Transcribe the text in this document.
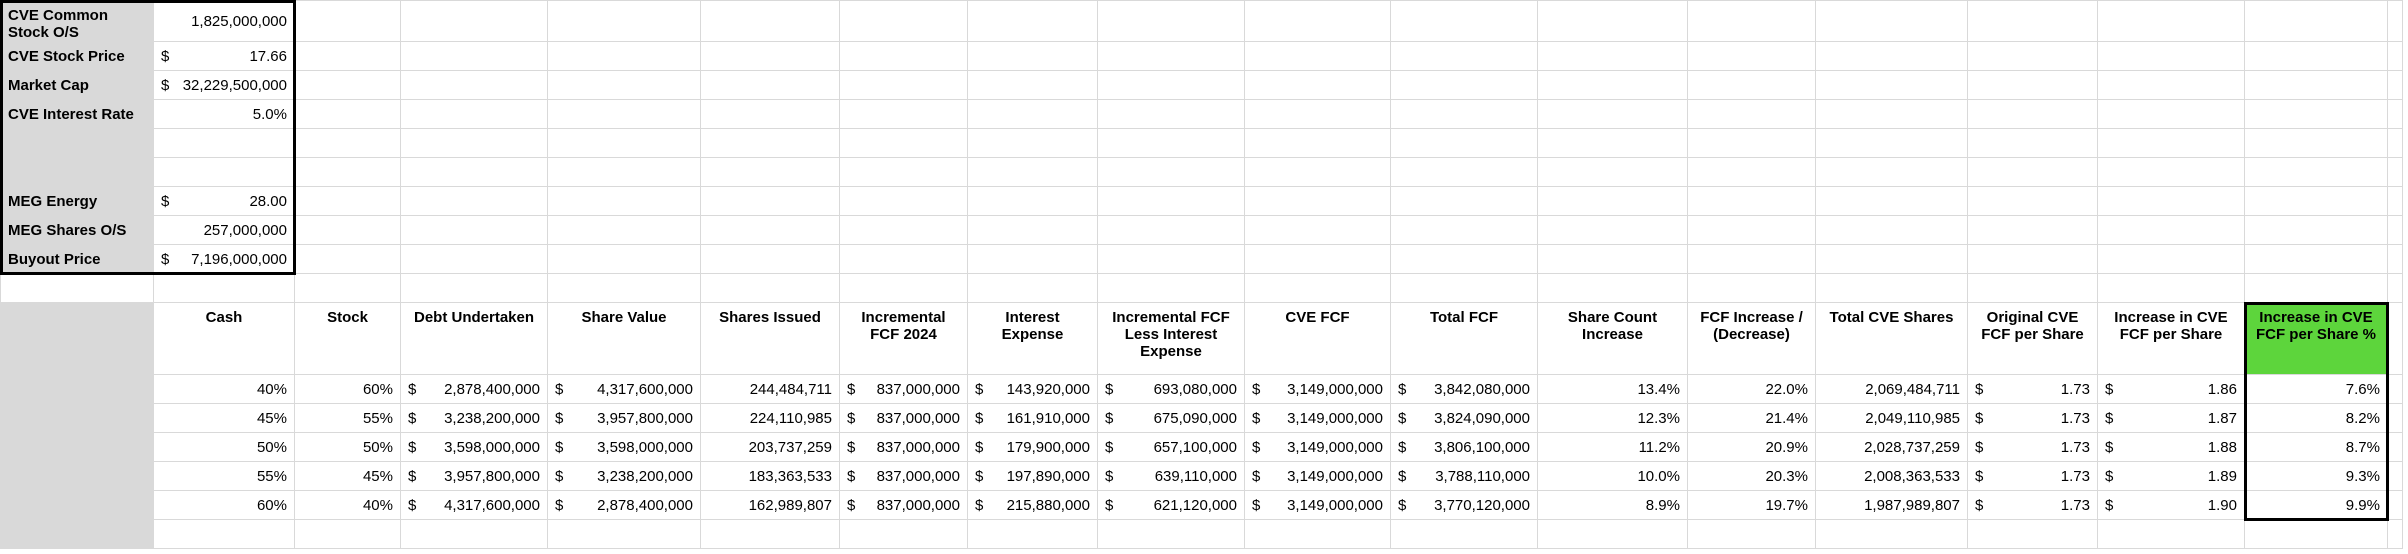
CVE Common Stock O/S	1,825,000,000																
CVE Stock Price	$ 17.66																

Market Cap	$ 32,229,500,000																

CVE Interest Rate	5.0%																

MEG Energy	$ 28.00																

MEG Shares O/S	257,000,000																
Buyout Price	$ 7,196,000,000																

	Cash	Stock	Debt Undertaken	Share Value	Shares Issued	Incremental FCF 2024	Interest Expense	Incremental FCF Less Interest Expense	CVE FCF	Total FCF	Share Count Increase	FCF Increase / (Decrease)	Total CVE Shares	Original CVE FCF per Share	Increase in CVE FCF per Share	Increase in CVE FCF per Share %	
	40%	60%	$ 2,878,400,000	$ 4,317,600,000	244,484,711	$ 837,000,000	$ 143,920,000	$ 693,080,000	$ 3,149,000,000	$ 3,842,080,000	13.4%	22.0%	2,069,484,711	$ 1.73	$ 1.86	7.6%	
	45%	55%	$ 3,238,200,000	$ 3,957,800,000	224,110,985	$ 837,000,000	$ 161,910,000	$ 675,090,000	$ 3,149,000,000	$ 3,824,090,000	12.3%	21.4%	2,049,110,985	$ 1.73	$ 1.87	8.2%	
	50%	50%	$ 3,598,000,000	$ 3,598,000,000	203,737,259	$ 837,000,000	$ 179,900,000	$ 657,100,000	$ 3,149,000,000	$ 3,806,100,000	11.2%	20.9%	2,028,737,259	$ 1.73	$ 1.88	8.7%	
	55%	45%	$ 3,957,800,000	$ 3,238,200,000	183,363,533	$ 837,000,000	$ 197,890,000	$ 639,110,000	$ 3,149,000,000	$ 3,788,110,000	10.0%	20.3%	2,008,363,533	$ 1.73	$ 1.89	9.3%	
	60%	40%	$ 4,317,600,000	$ 2,878,400,000	162,989,807	$ 837,000,000	$ 215,880,000	$ 621,120,000	$ 3,149,000,000	$ 3,770,120,000	8.9%	19.7%	1,987,989,807	$ 1.73	$ 1.90	9.9%	
